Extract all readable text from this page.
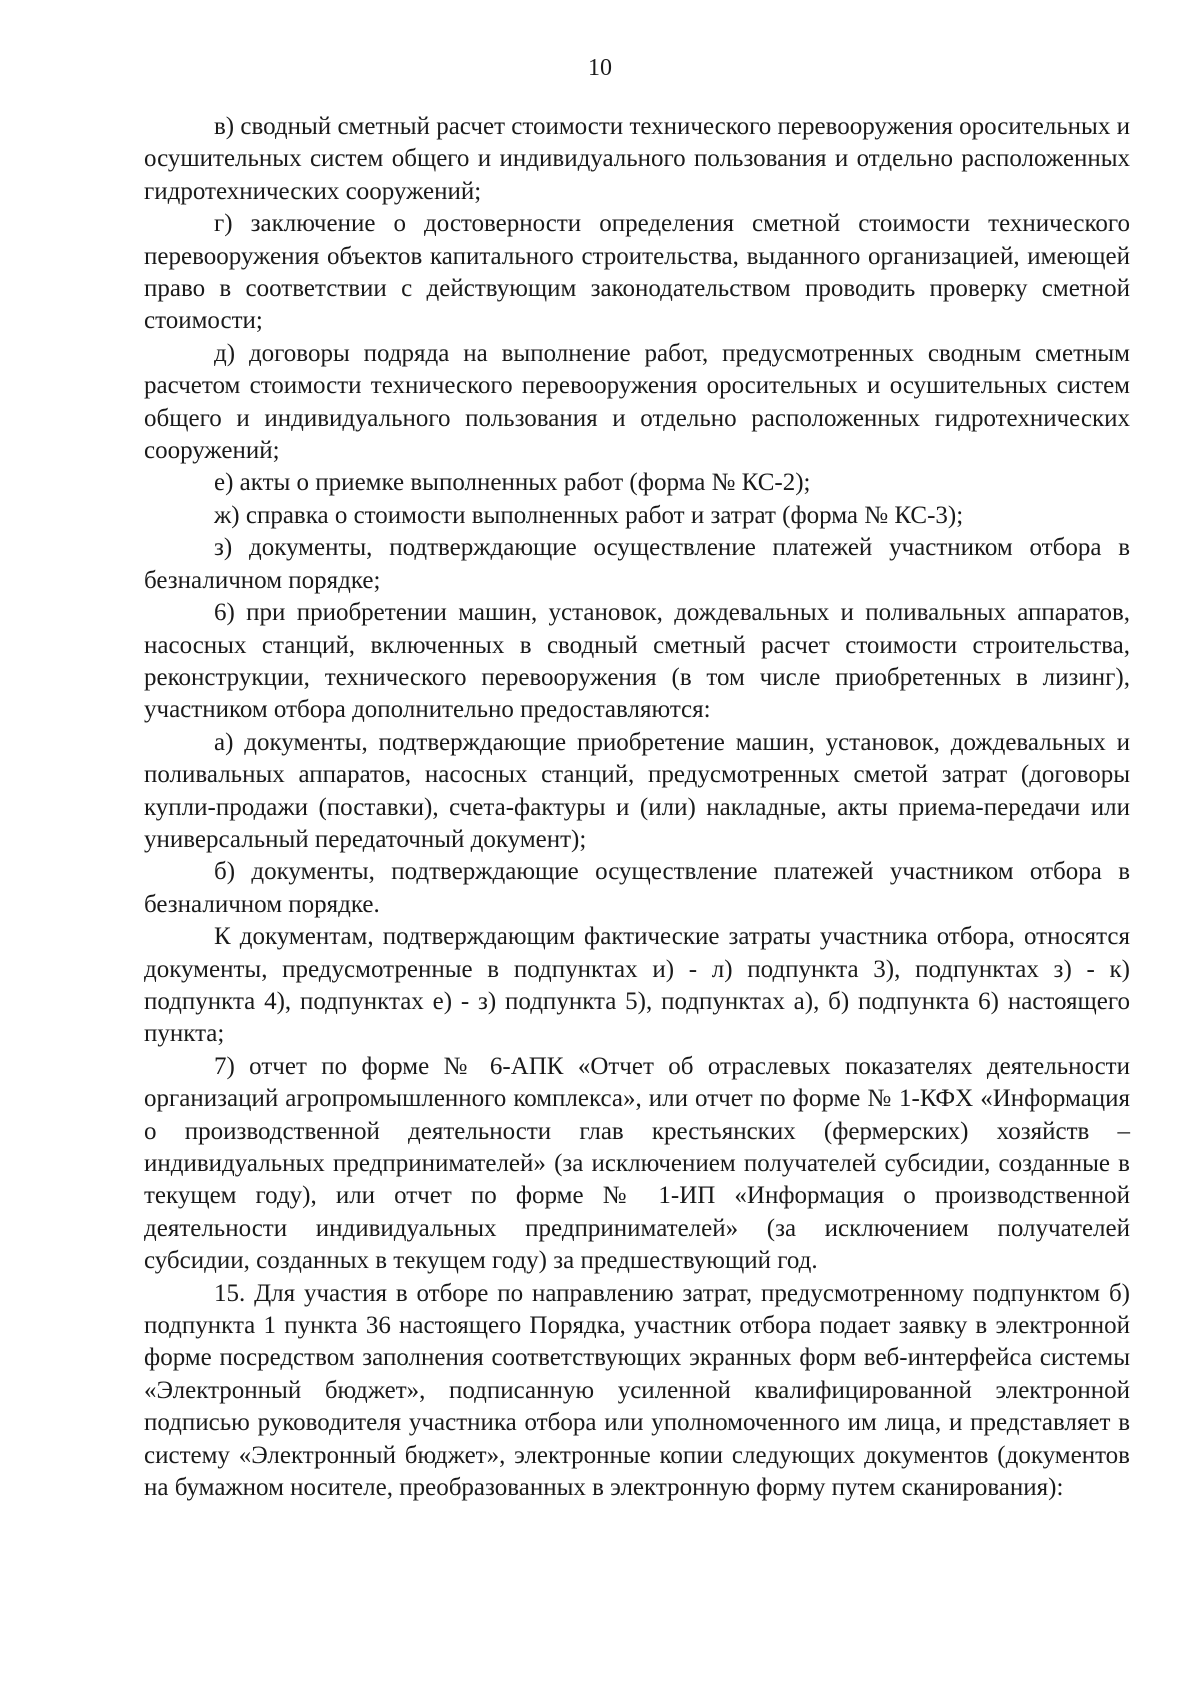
10

в) сводный сметный расчет стоимости технического перевооружения оросительных и осушительных систем общего и индивидуального пользования и отдельно расположенных гидротехнических сооружений;

г) заключение о достоверности определения сметной стоимости технического перевооружения объектов капитального строительства, выданного организацией, имеющей право в соответствии с действующим законодательством проводить проверку сметной стоимости;

д) договоры подряда на выполнение работ, предусмотренных сводным сметным расчетом стоимости технического перевооружения оросительных и осушительных систем общего и индивидуального пользования и отдельно расположенных гидротехнических сооружений;

е) акты о приемке выполненных работ (форма № КС-2);

ж) справка о стоимости выполненных работ и затрат (форма № КС-3);

з) документы, подтверждающие осуществление платежей участником отбора в безналичном порядке;

6) при приобретении машин, установок, дождевальных и поливальных аппаратов, насосных станций, включенных в сводный сметный расчет стоимости строительства, реконструкции, технического перевооружения (в том числе приобретенных в лизинг), участником отбора дополнительно предоставляются:

а) документы, подтверждающие приобретение машин, установок, дождевальных и поливальных аппаратов, насосных станций, предусмотренных сметой затрат (договоры купли-продажи (поставки), счета-фактуры и (или) накладные, акты приема-передачи или универсальный передаточный документ);

б) документы, подтверждающие осуществление платежей участником отбора в безналичном порядке.

К документам, подтверждающим фактические затраты участника отбора, относятся документы, предусмотренные в подпунктах и) - л) подпункта 3), подпунктах з) - к) подпункта 4), подпунктах е) - з) подпункта 5), подпунктах а), б) подпункта 6) настоящего пункта;

7) отчет по форме № 6-АПК «Отчет об отраслевых показателях деятельности организаций агропромышленного комплекса», или отчет по форме № 1-КФХ «Информация о производственной деятельности глав крестьянских (фермерских) хозяйств – индивидуальных предпринимателей» (за исключением получателей субсидии, созданные в текущем году), или отчет по форме № 1-ИП «Информация о производственной деятельности индивидуальных предпринимателей» (за исключением получателей субсидии, созданных в текущем году) за предшествующий год.

15. Для участия в отборе по направлению затрат, предусмотренному подпунктом б) подпункта 1 пункта 36 настоящего Порядка, участник отбора подает заявку в электронной форме посредством заполнения соответствующих экранных форм веб-интерфейса системы «Электронный бюджет», подписанную усиленной квалифицированной электронной подписью руководителя участника отбора или уполномоченного им лица, и представляет в систему «Электронный бюджет», электронные копии следующих документов (документов на бумажном носителе, преобразованных в электронную форму путем сканирования):
